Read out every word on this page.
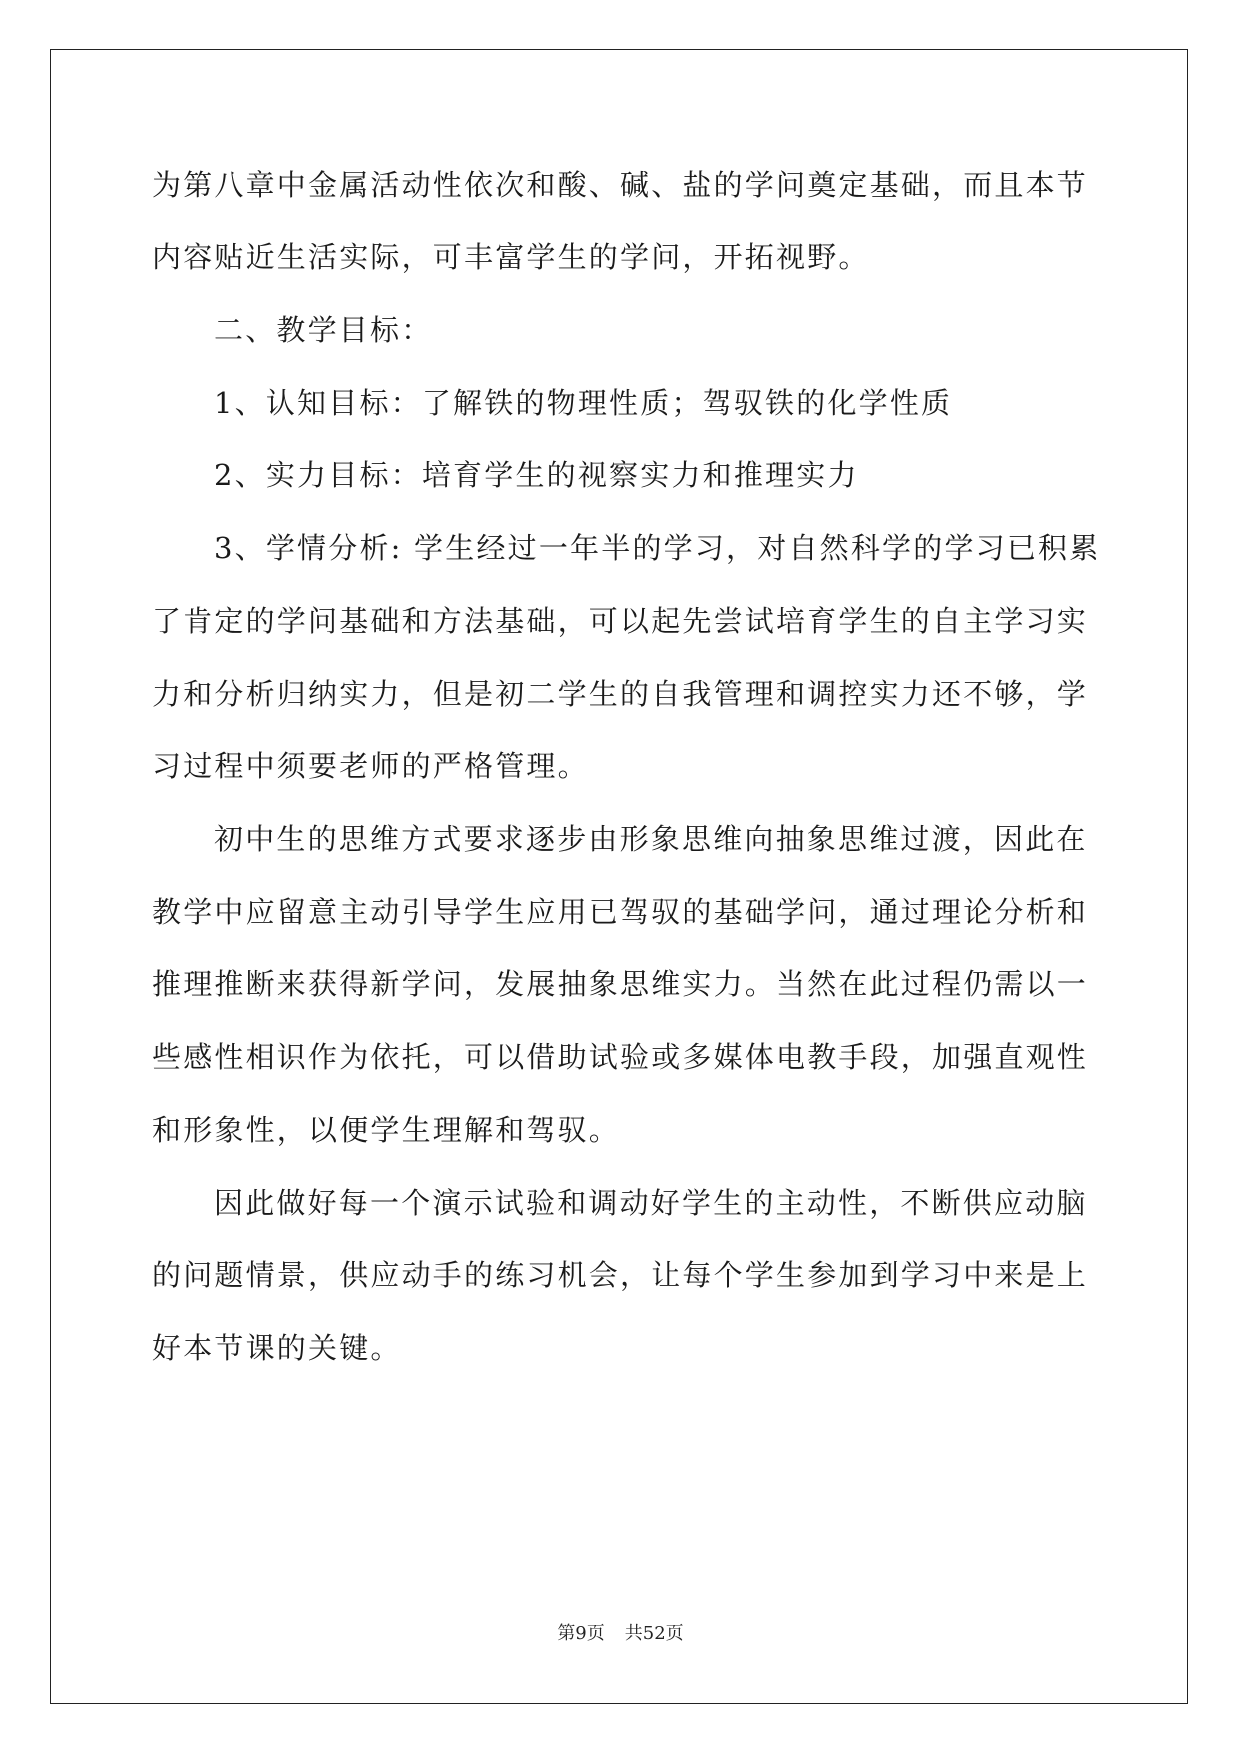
为第八章中金属活动性依次和酸、碱、盐的学问奠定基础，而且本节
内容贴近生活实际，可丰富学生的学问，开拓视野。
二、教学目标：
1、认知目标：了解铁的物理性质；驾驭铁的化学性质
2、实力目标：培育学生的视察实力和推理实力
3、学情分析: 学生经过一年半的学习，对自然科学的学习已积累
了肯定的学问基础和方法基础，可以起先尝试培育学生的自主学习实
力和分析归纳实力，但是初二学生的自我管理和调控实力还不够，学
习过程中须要老师的严格管理。
初中生的思维方式要求逐步由形象思维向抽象思维过渡，因此在
教学中应留意主动引导学生应用已驾驭的基础学问，通过理论分析和
推理推断来获得新学问，发展抽象思维实力。当然在此过程仍需以一
些感性相识作为依托，可以借助试验或多媒体电教手段，加强直观性
和形象性，以便学生理解和驾驭。
因此做好每一个演示试验和调动好学生的主动性，不断供应动脑
的问题情景，供应动手的练习机会，让每个学生参加到学习中来是上
好本节课的关键。
第9页 共52页
